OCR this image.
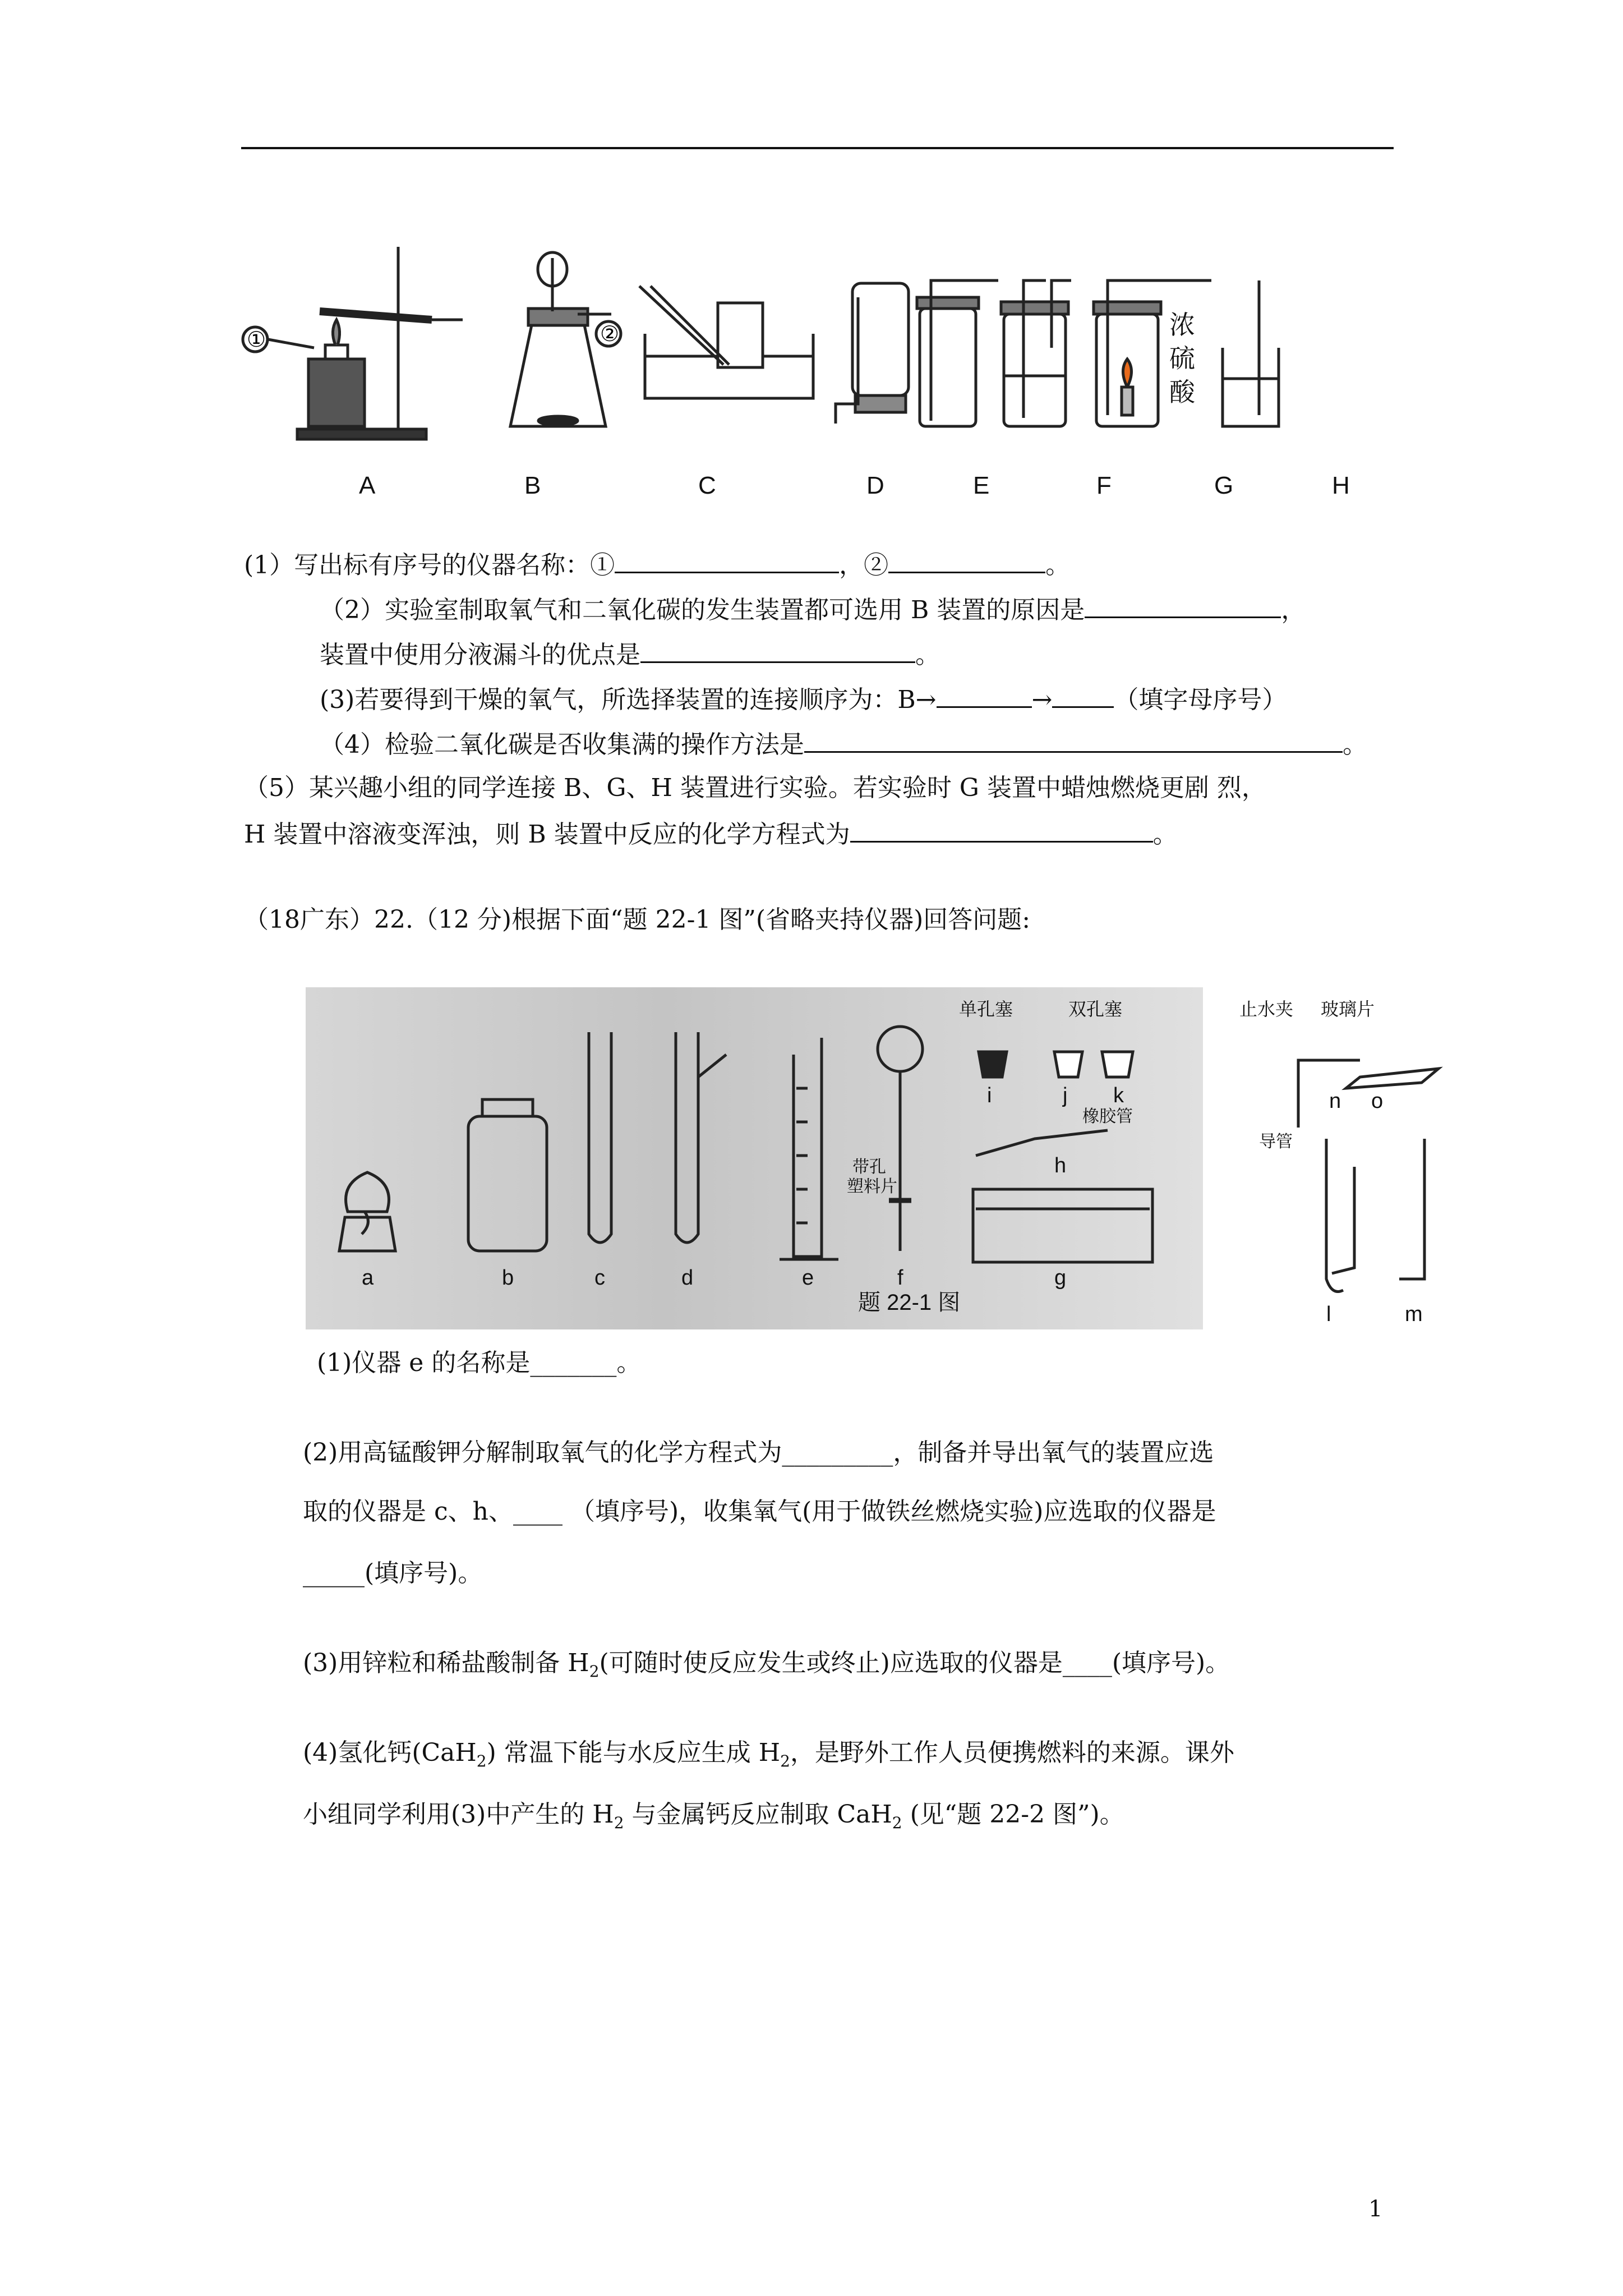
①	②	浓
硫
酸
A	B	C	D	E	F	G	H
(1）写出标有序号的仪器名称：①	，②	。
（2）实验室制取氧气和二氧化碳的发生装置都可选用 B 装置的原因是	，
装置中使用分液漏斗的优点是	。
(3)若要得到干燥的氧气，所选择装置的连接顺序为：B→	→	（填字母序号）
（4）检验二氧化碳是否收集满的操作方法是	。
（5）某兴趣小组的同学连接 B、G、H 装置进行实验。若实验时 G 装置中蜡烛燃烧更剧 烈，
H 装置中溶液变浑浊，则 B 装置中反应的化学方程式为	。
（18广东）22.（12 分)根据下面“题 22-1 图”(省略夹持仪器)回答问题:
a	b	c	d	e	f	g
h
i	j k
l	m
n o
单孔塞	双孔塞	止水夹 玻璃片
带孔
塑料片
橡胶管
导管
题 22-1 图
(1)仪器 e 的名称是_______。
(2)用高锰酸钾分解制取氧气的化学方程式为_________，制备并导出氧气的装置应选
取的仪器是 c、h、____ （填序号)，收集氧气(用于做铁丝燃烧实验)应选取的仪器是
_____(填序号)。
(3)用锌粒和稀盐酸制备 $H_2$(可随时使反应发生或终止)应选取的仪器是____(填序号)。
(4)氢化钙(CaH$_2$) 常温下能与水反应生成 $H_2$，是野外工作人员便携燃料的来源。课外
小组同学利用(3)中产生的 $H_2$ 与金属钙反应制取 CaH$_2$ (见“题 22-2 图”)。
1
